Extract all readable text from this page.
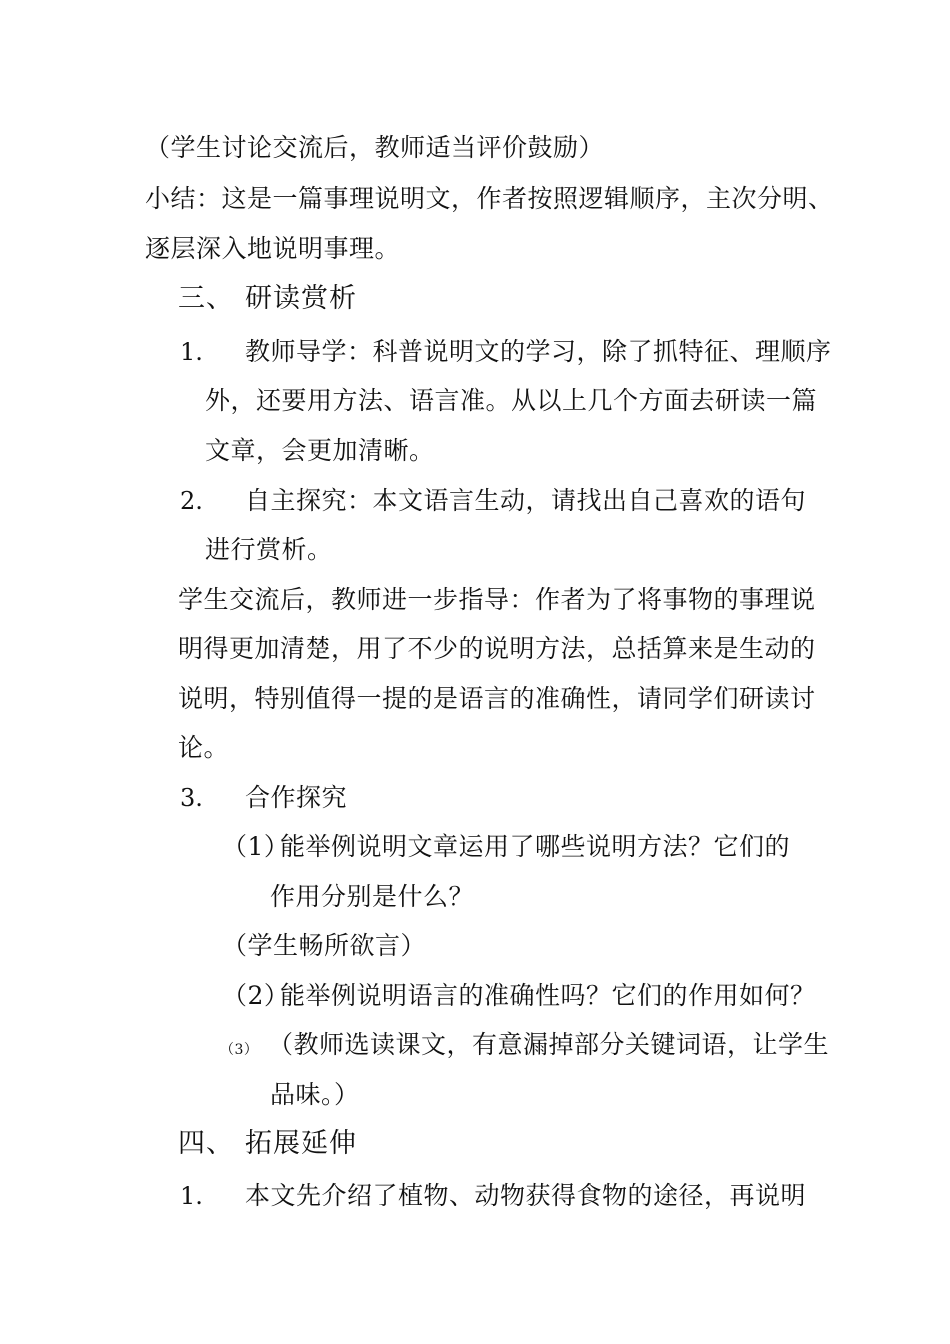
（学生讨论交流后，教师适当评价鼓励）
小结：这是一篇事理说明文，作者按照逻辑顺序，主次分明、
逐层深入地说明事理。
三、 研读赏析
1. 教师导学：科普说明文的学习，除了抓特征、理顺序
外，还要用方法、语言准。从以上几个方面去研读一篇
文章，会更加清晰。
2. 自主探究：本文语言生动，请找出自己喜欢的语句
进行赏析。
学生交流后，教师进一步指导：作者为了将事物的事理说
明得更加清楚，用了不少的说明方法，总括算来是生动的
说明，特别值得一提的是语言的准确性，请同学们研读讨
论。
3. 合作探究
（1）
能举例说明文章运用了哪些说明方法？它们的
作用分别是什么？
（学生畅所欲言）
（2）
能举例说明语言的准确性吗？它们的作用如何？
（3） （教师选读课文，有意漏掉部分关键词语，让学生
品味。）
四、 拓展延伸
1. 本文先介绍了植物、动物获得食物的途径，再说明
